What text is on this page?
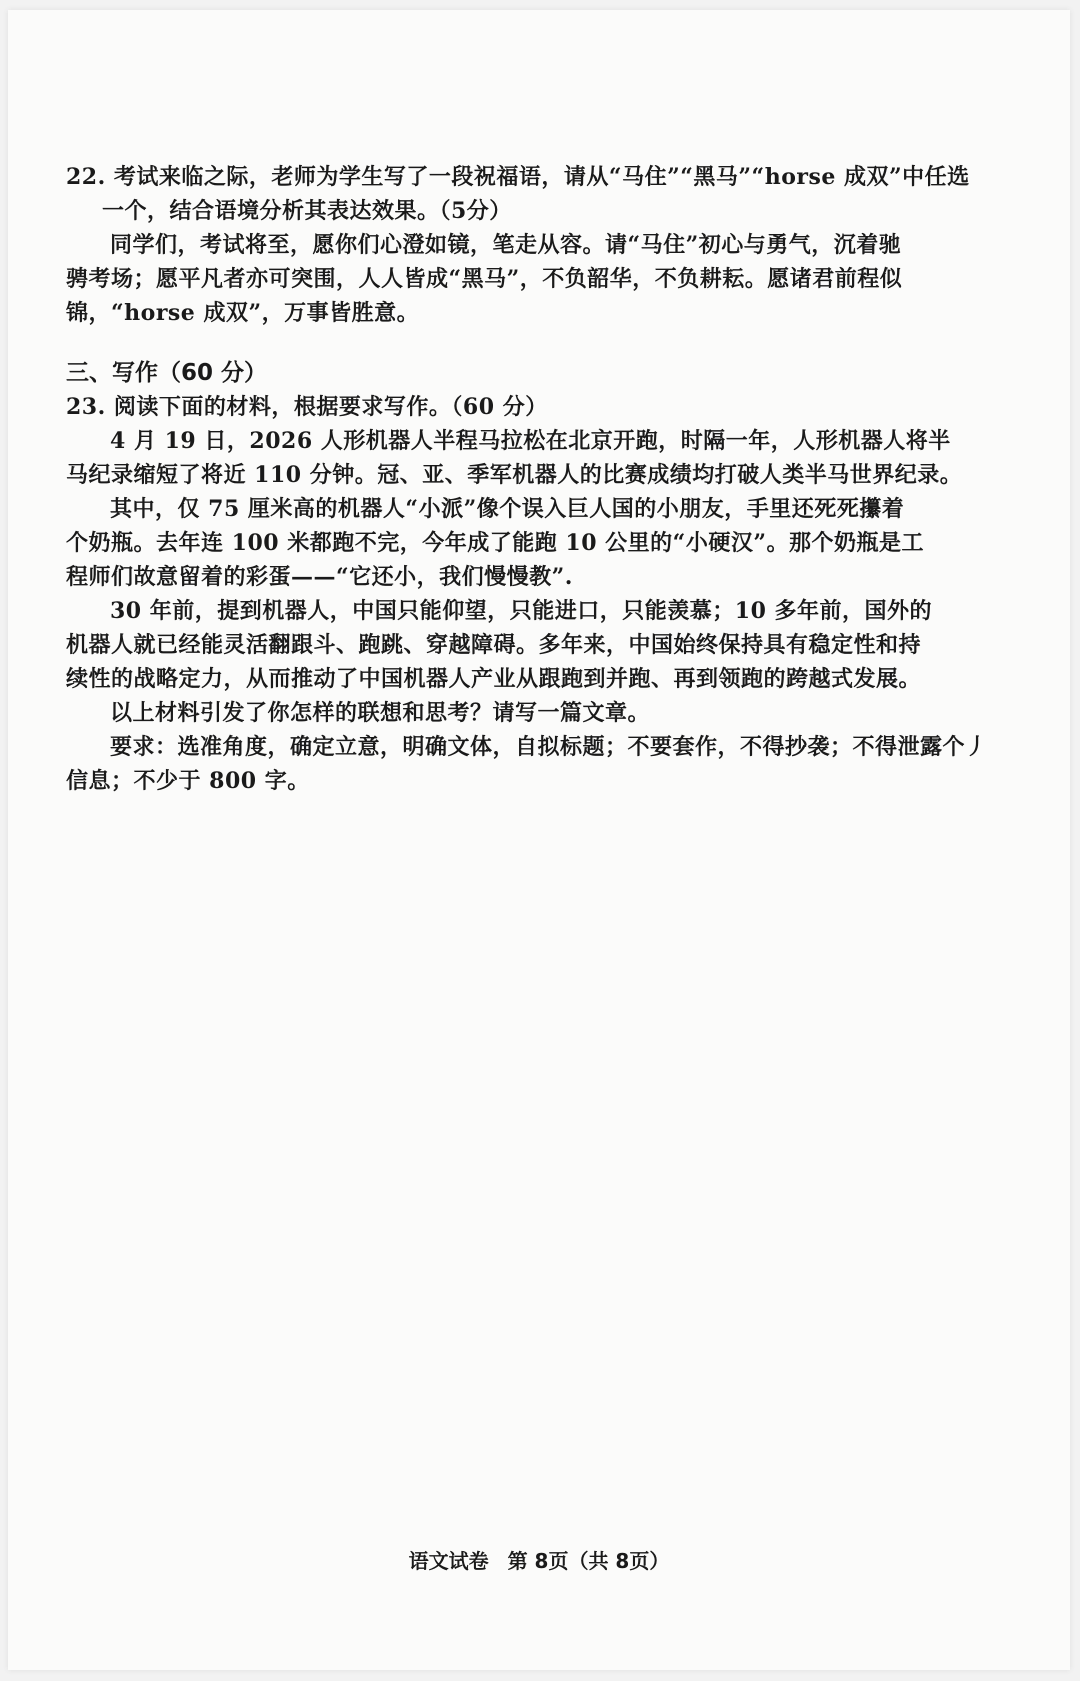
22. 考试来临之际，老师为学生写了一段祝福语，请从“马住”“黑马”“horse 成双”中任选
一个，结合语境分析其表达效果。（5分）
同学们，考试将至，愿你们心澄如镜，笔走从容。请“马住”初心与勇气，沉着驰
骋考场；愿平凡者亦可突围，人人皆成“黑马”，不负韶华，不负耕耘。愿诸君前程似
锦，“horse 成双”，万事皆胜意。
三、写作（60 分）
23. 阅读下面的材料，根据要求写作。（60 分）
4 月 19 日，2026 人形机器人半程马拉松在北京开跑，时隔一年，人形机器人将半
马纪录缩短了将近 110 分钟。冠、亚、季军机器人的比赛成绩均打破人类半马世界纪录。
其中，仅 75 厘米高的机器人“小派”像个误入巨人国的小朋友，手里还死死攥着
个奶瓶。去年连 100 米都跑不完，今年成了能跑 10 公里的“小硬汉”。那个奶瓶是工
程师们故意留着的彩蛋——“它还小，我们慢慢教”.
30 年前，提到机器人，中国只能仰望，只能进口，只能羡慕；10 多年前，国外的
机器人就已经能灵活翻跟斗、跑跳、穿越障碍。多年来，中国始终保持具有稳定性和持
续性的战略定力，从而推动了中国机器人产业从跟跑到并跑、再到领跑的跨越式发展。
以上材料引发了你怎样的联想和思考？请写一篇文章。
要求：选准角度，确定立意，明确文体，自拟标题；不要套作，不得抄袭；不得泄露个丿
信息；不少于 800 字。
语文试卷 第 8页（共 8页）
